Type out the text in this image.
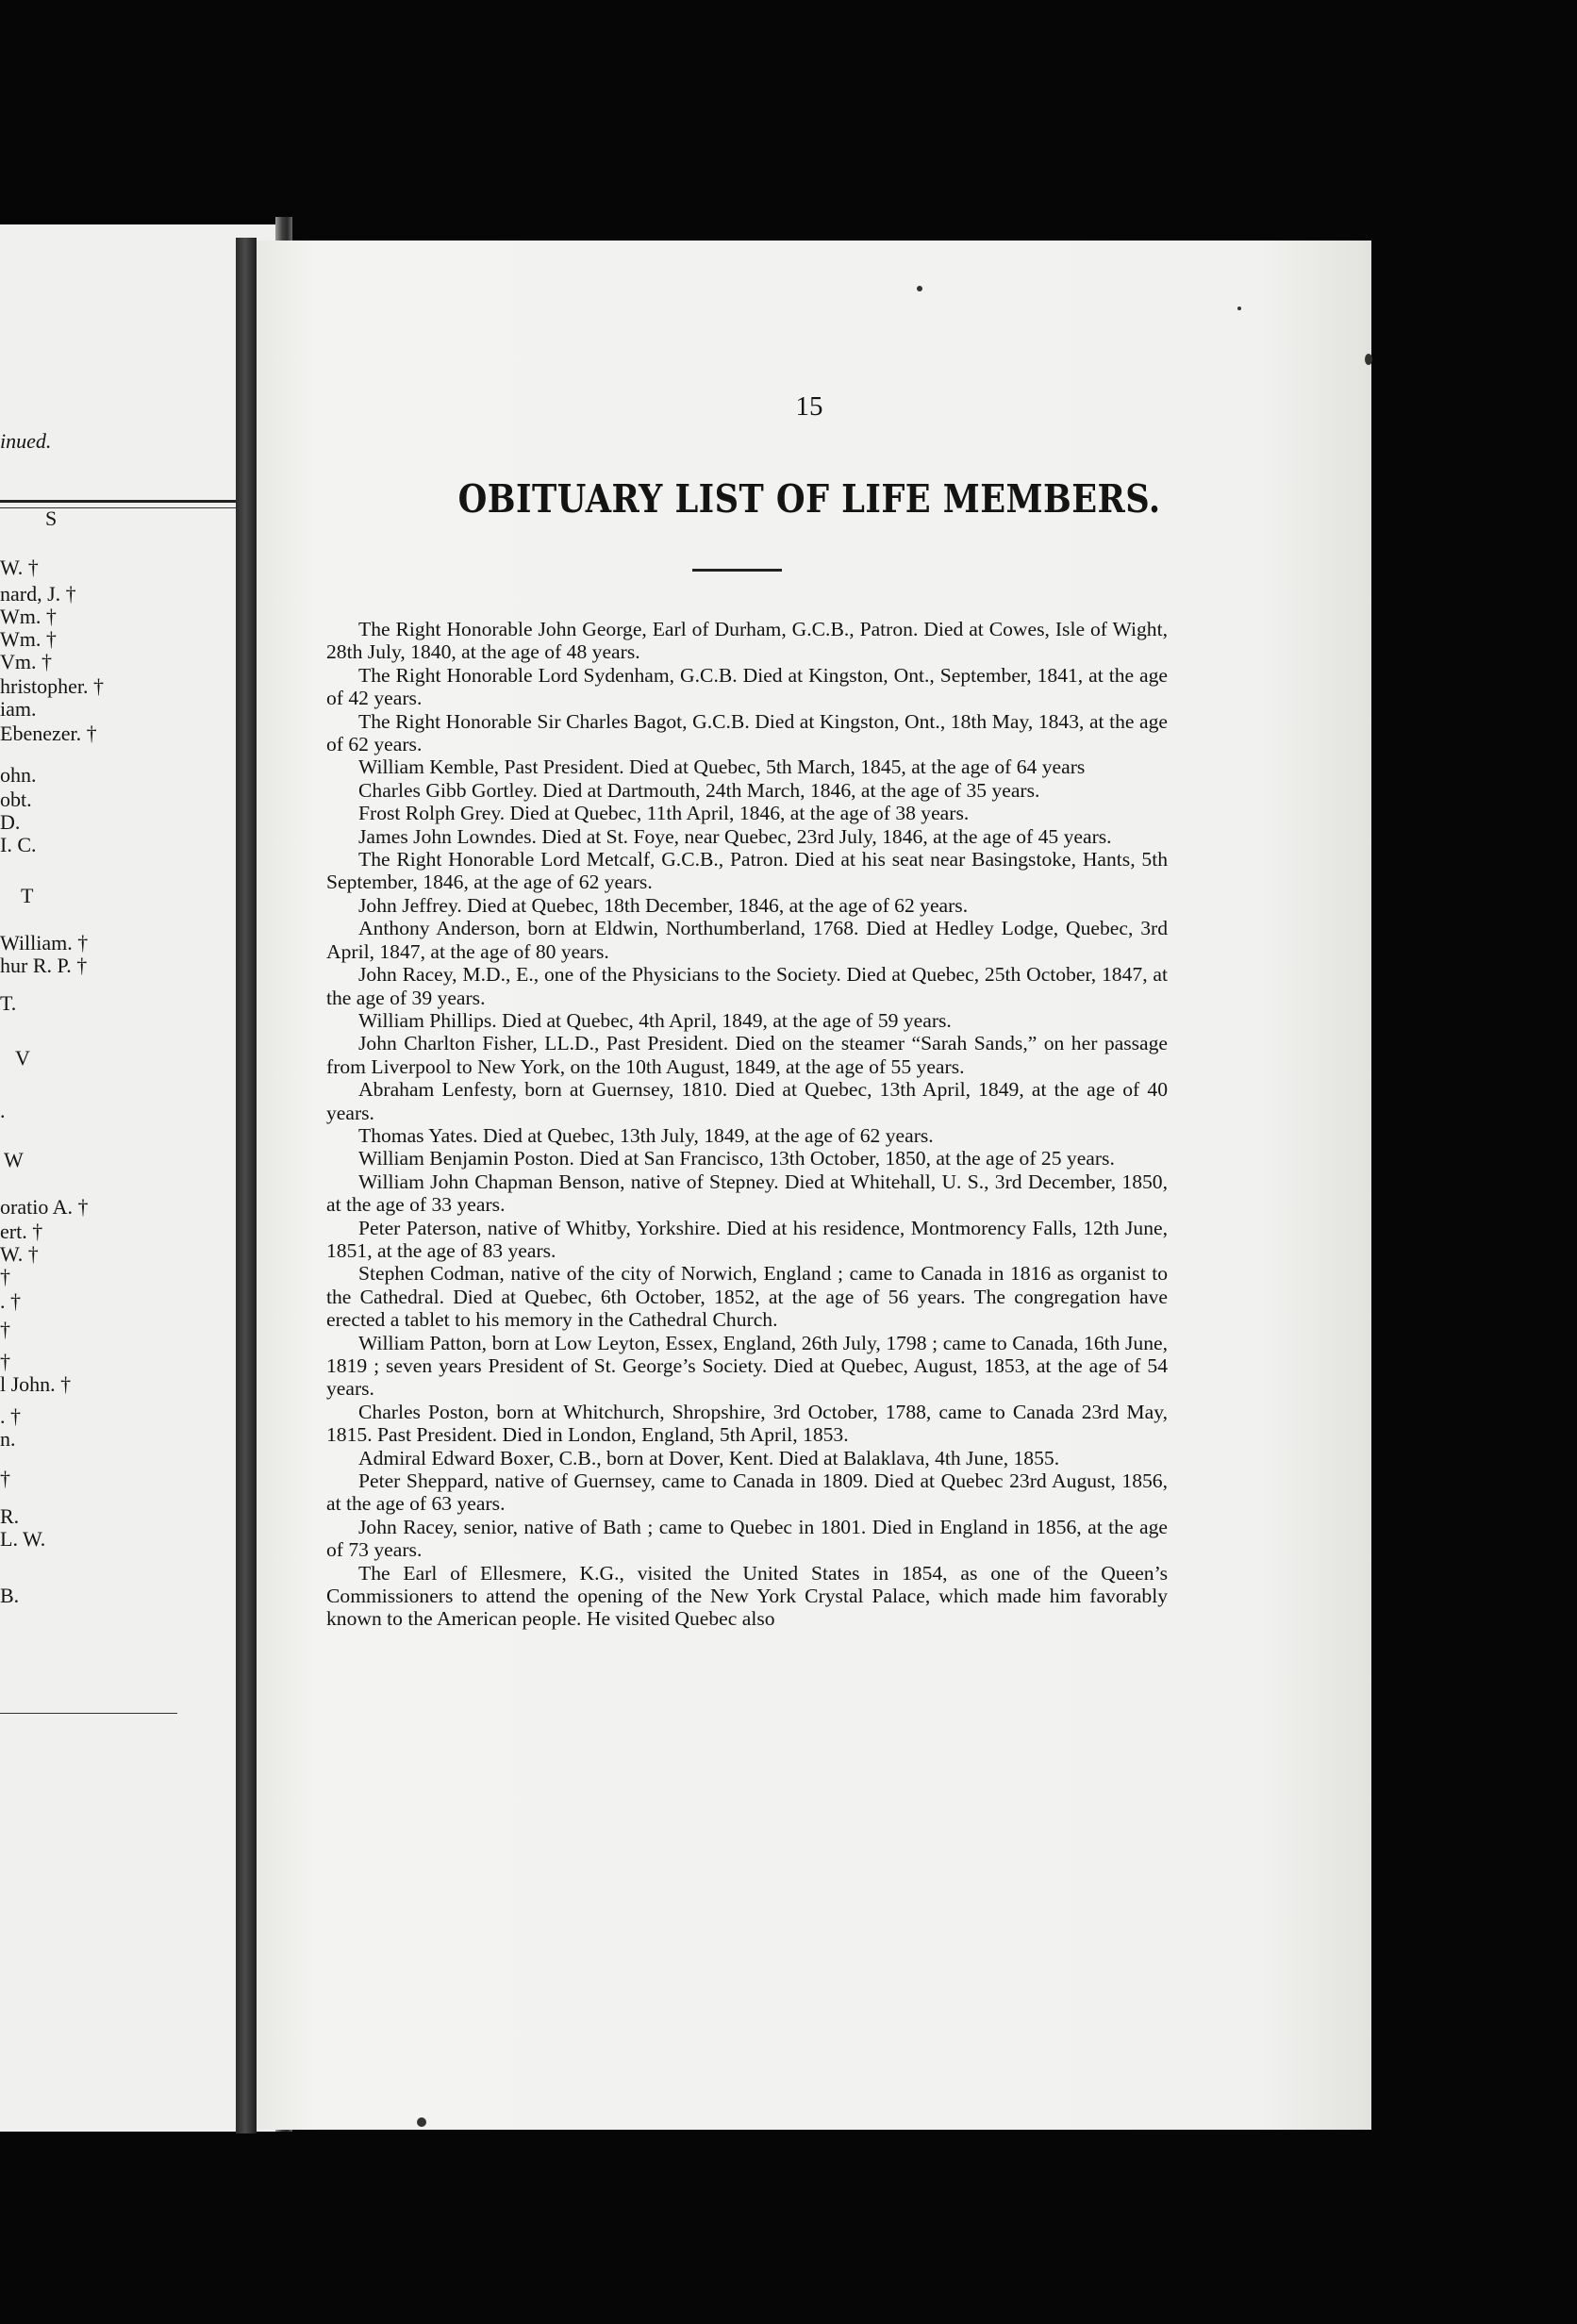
inued.
S
W. †
nard, J. †
Wm. †
Wm. †
Vm. †
hristopher. †
iam.
Ebenezer. †
ohn.
obt.
D.
I. C.
T
William. †
hur R. P. †
T.
V
.
W
oratio A. †
ert. †
W. †
†
. †
†
†
l John. †
. †
n.
†
R.
L. W.
B.
15
OBITUARY LIST OF LIFE MEMBERS.

The Right Honorable John George, Earl of Durham, G.C.B., Patron. Died at Cowes, Isle of Wight, 28th July, 1840, at the age of 48 years.

The Right Honorable Lord Sydenham, G.C.B. Died at Kingston, Ont., September, 1841, at the age of 42 years.

The Right Honorable Sir Charles Bagot, G.C.B. Died at Kingston, Ont., 18th May, 1843, at the age of 62 years.

William Kemble, Past President. Died at Quebec, 5th March, 1845, at the age of 64 years

Charles Gibb Gortley. Died at Dartmouth, 24th March, 1846, at the age of 35 years.

Frost Rolph Grey. Died at Quebec, 11th April, 1846, at the age of 38 years.

James John Lowndes. Died at St. Foye, near Quebec, 23rd July, 1846, at the age of 45 years.

The Right Honorable Lord Metcalf, G.C.B., Patron. Died at his seat near Basingstoke, Hants, 5th September, 1846, at the age of 62 years.

John Jeffrey. Died at Quebec, 18th December, 1846, at the age of 62 years.

Anthony Anderson, born at Eldwin, Northumberland, 1768. Died at Hedley Lodge, Quebec, 3rd April, 1847, at the age of 80 years.

John Racey, M.D., E., one of the Physicians to the Society. Died at Quebec, 25th October, 1847, at the age of 39 years.

William Phillips. Died at Quebec, 4th April, 1849, at the age of 59 years.

John Charlton Fisher, LL.D., Past President. Died on the steamer “Sarah Sands,” on her passage from Liverpool to New York, on the 10th August, 1849, at the age of 55 years.

Abraham Lenfesty, born at Guernsey, 1810. Died at Quebec, 13th April, 1849, at the age of 40 years.

Thomas Yates. Died at Quebec, 13th July, 1849, at the age of 62 years.

William Benjamin Poston. Died at San Francisco, 13th October, 1850, at the age of 25 years.

William John Chapman Benson, native of Stepney. Died at Whitehall, U. S., 3rd December, 1850, at the age of 33 years.

Peter Paterson, native of Whitby, Yorkshire. Died at his residence, Montmorency Falls, 12th June, 1851, at the age of 83 years.

Stephen Codman, native of the city of Norwich, England ; came to Canada in 1816 as organist to the Cathedral. Died at Quebec, 6th October, 1852, at the age of 56 years. The congregation have erected a tablet to his memory in the Cathedral Church.

William Patton, born at Low Leyton, Essex, England, 26th July, 1798 ; came to Canada, 16th June, 1819 ; seven years President of St. George’s Society. Died at Quebec, August, 1853, at the age of 54 years.

Charles Poston, born at Whitchurch, Shropshire, 3rd October, 1788, came to Canada 23rd May, 1815. Past President. Died in London, England, 5th April, 1853.

Admiral Edward Boxer, C.B., born at Dover, Kent. Died at Balaklava, 4th June, 1855.

Peter Sheppard, native of Guernsey, came to Canada in 1809. Died at Quebec 23rd August, 1856, at the age of 63 years.

John Racey, senior, native of Bath ; came to Quebec in 1801. Died in England in 1856, at the age of 73 years.

The Earl of Ellesmere, K.G., visited the United States in 1854, as one of the Queen’s Commissioners to attend the opening of the New York Crystal Palace, which made him favorably known to the American people. He visited Quebec also
